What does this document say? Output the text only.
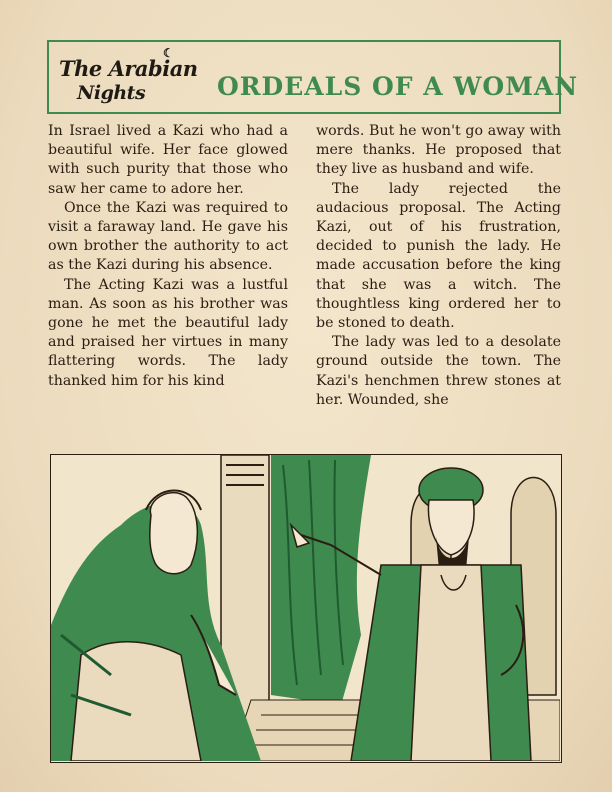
☾
The Arabian
Nights	ORDEALS OF A WOMAN

In Israel lived a Kazi who had a beautiful wife. Her face glowed with such purity that those who saw her came to adore her.

Once the Kazi was required to visit a faraway land. He gave his own brother the authority to act as the Kazi during his absence.

The Acting Kazi was a lustful man. As soon as his brother was gone he met the beautiful lady and praised her virtues in many flattering words. The lady thanked him for his kind

words. But he won't go away with mere thanks. He proposed that they live as husband and wife.

The lady rejected the audacious proposal. The Acting Kazi, out of his frustration, decided to punish the lady. He made accusation before the king that she was a witch. The thoughtless king ordered her to be stoned to death.

The lady was led to a desolate ground outside the town. The Kazi's henchmen threw stones at her. Wounded, she
